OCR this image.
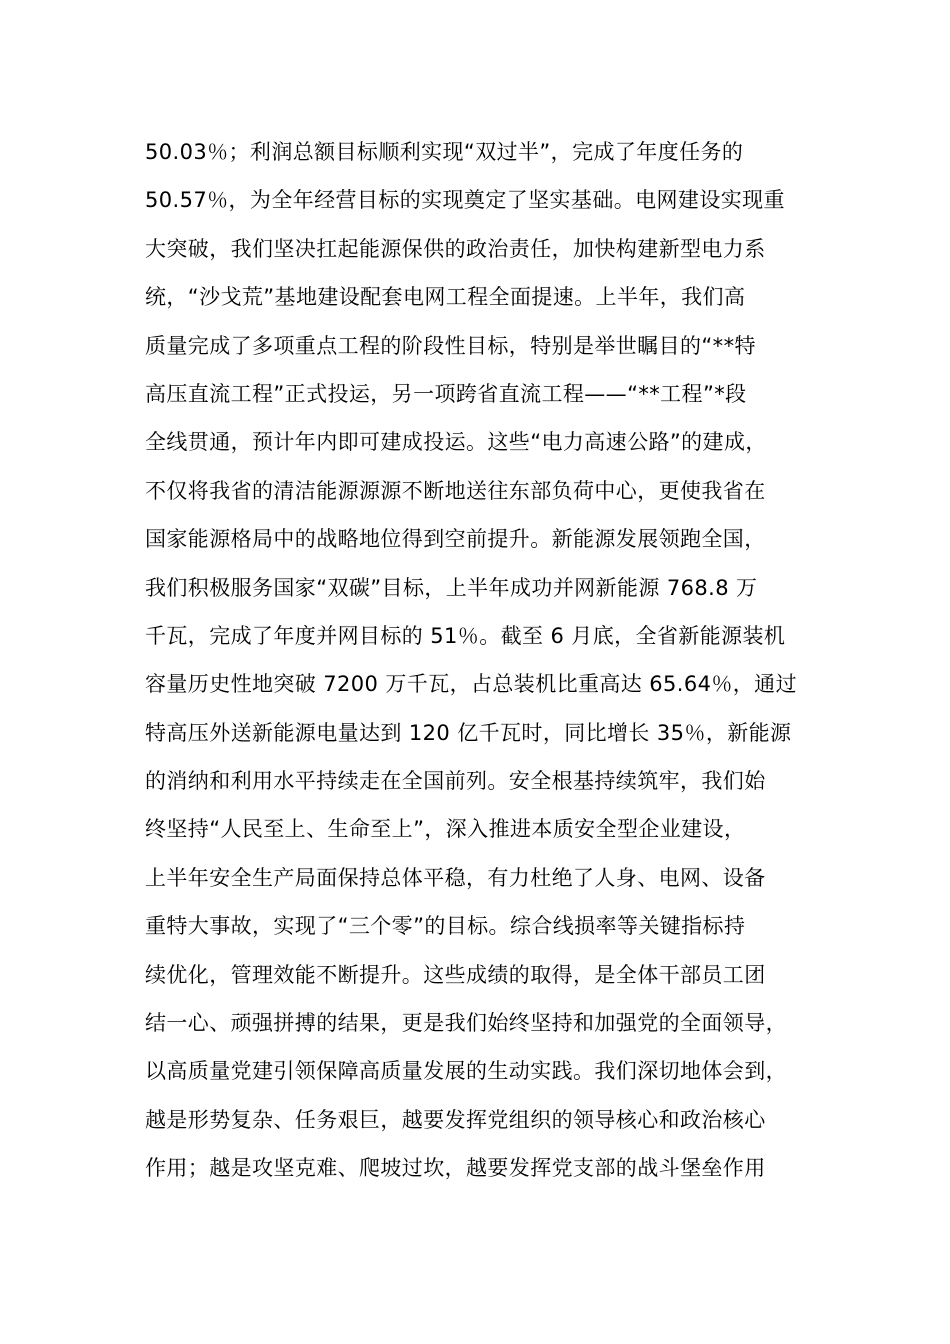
50.03％；利润总额目标顺利实现“双过半”，完成了年度任务的
50.57％，为全年经营目标的实现奠定了坚实基础。电网建设实现重
大突破，我们坚决扛起能源保供的政治责任，加快构建新型电力系
统，“沙戈荒”基地建设配套电网工程全面提速。上半年，我们高
质量完成了多项重点工程的阶段性目标，特别是举世瞩目的“**特
高压直流工程”正式投运，另一项跨省直流工程——“**工程”*段
全线贯通，预计年内即可建成投运。这些“电力高速公路”的建成，
不仅将我省的清洁能源源源不断地送往东部负荷中心，更使我省在
国家能源格局中的战略地位得到空前提升。新能源发展领跑全国，
我们积极服务国家“双碳”目标，上半年成功并网新能源 768.8 万
千瓦，完成了年度并网目标的 51％。截至 6 月底，全省新能源装机
容量历史性地突破 7200 万千瓦，占总装机比重高达 65.64％，通过
特高压外送新能源电量达到 120 亿千瓦时，同比增长 35％，新能源
的消纳和利用水平持续走在全国前列。安全根基持续筑牢，我们始
终坚持“人民至上、生命至上”，深入推进本质安全型企业建设，
上半年安全生产局面保持总体平稳，有力杜绝了人身、电网、设备
重特大事故，实现了“三个零”的目标。综合线损率等关键指标持
续优化，管理效能不断提升。这些成绩的取得，是全体干部员工团
结一心、顽强拼搏的结果，更是我们始终坚持和加强党的全面领导，
以高质量党建引领保障高质量发展的生动实践。我们深切地体会到，
越是形势复杂、任务艰巨，越要发挥党组织的领导核心和政治核心
作用；越是攻坚克难、爬坡过坎，越要发挥党支部的战斗堡垒作用
